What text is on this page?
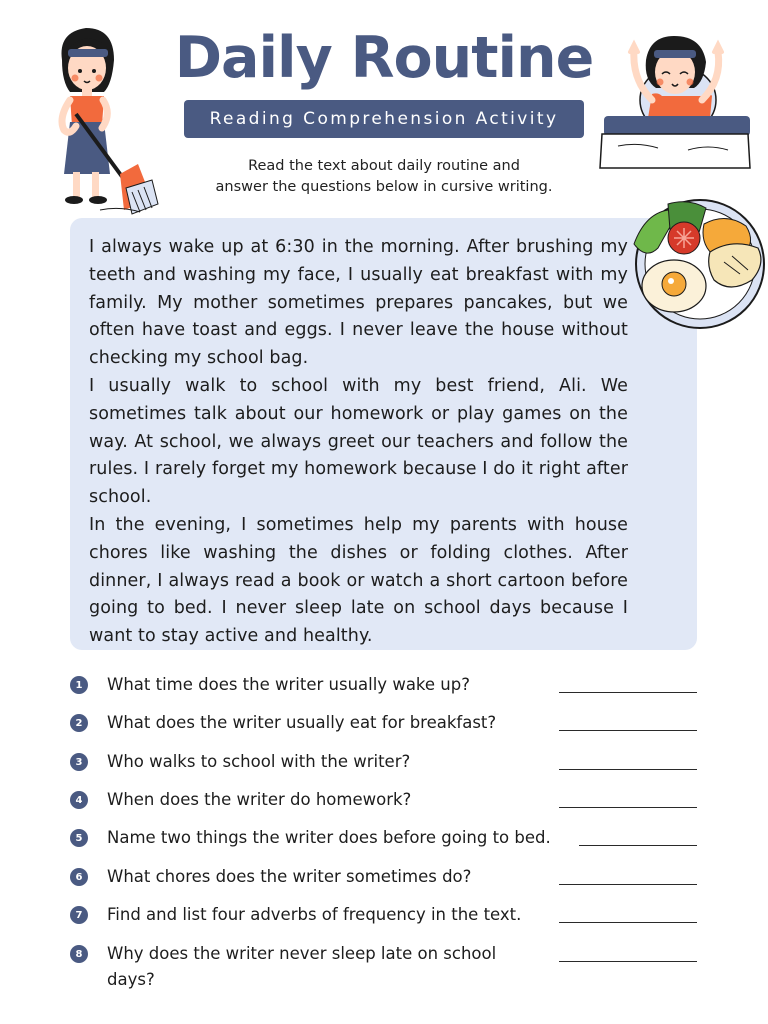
Daily Routine
Reading Comprehension Activity
Read the text about daily routine and
answer the questions below in cursive writing.

I always wake up at 6:30 in the morning. After brushing my teeth and washing my face, I usually eat breakfast with my family. My mother sometimes prepares pancakes, but we often have toast and eggs. I never leave the house without checking my school bag.

I usually walk to school with my best friend, Ali. We sometimes talk about our homework or play games on the way. At school, we always greet our teachers and follow the rules. I rarely forget my homework because I do it right after school.

In the evening, I sometimes help my parents with house chores like washing the dishes or folding clothes. After dinner, I always read a book or watch a short cartoon before going to bed. I never sleep late on school days because I want to stay active and healthy.

1	What time does the writer usually wake up?
2	What does the writer usually eat for breakfast?
3	Who walks to school with the writer?
4	When does the writer do homework?
5	Name two things the writer does before going to bed.
6	What chores does the writer sometimes do?
7	Find and list four adverbs of frequency in the text.
8	Why does the writer never sleep late on school days?
